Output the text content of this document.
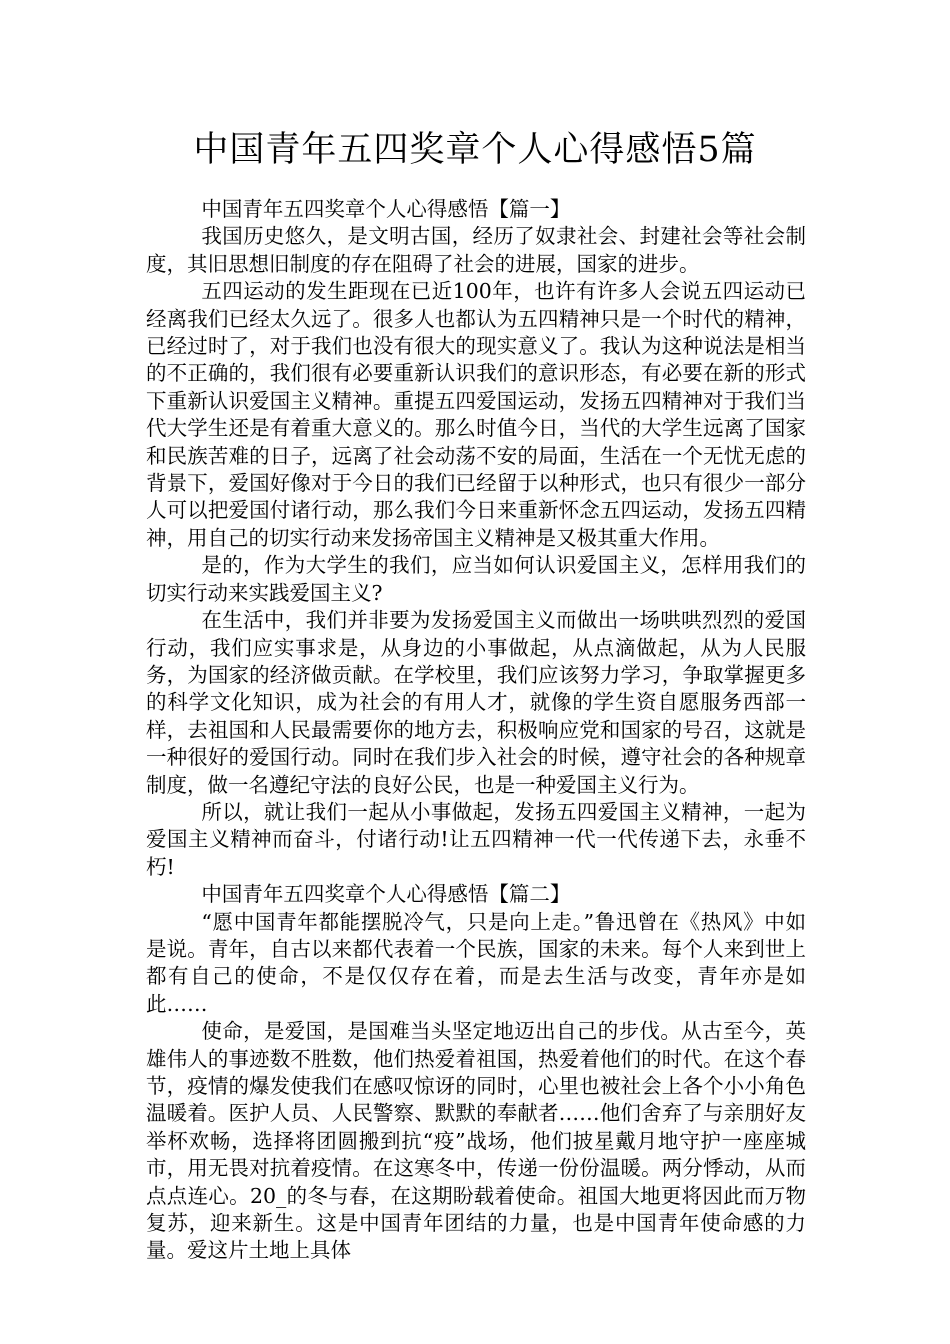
中国青年五四奖章个人心得感悟5篇

中国青年五四奖章个人心得感悟【篇一】

我国历史悠久，是文明古国，经历了奴隶社会、封建社会等社会制度，其旧思想旧制度的存在阻碍了社会的进展，国家的进步。

五四运动的发生距现在已近100年，也许有许多人会说五四运动已经离我们已经太久远了。很多人也都认为五四精神只是一个时代的精神，已经过时了，对于我们也没有很大的现实意义了。我认为这种说法是相当的不正确的，我们很有必要重新认识我们的意识形态，有必要在新的形式下重新认识爱国主义精神。重提五四爱国运动，发扬五四精神对于我们当代大学生还是有着重大意义的。那么时值今日，当代的大学生远离了国家和民族苦难的日子，远离了社会动荡不安的局面，生活在一个无忧无虑的背景下，爱国好像对于今日的我们已经留于以种形式，也只有很少一部分人可以把爱国付诸行动，那么我们今日来重新怀念五四运动，发扬五四精神，用自己的切实行动来发扬帝国主义精神是又极其重大作用。

是的，作为大学生的我们，应当如何认识爱国主义，怎样用我们的切实行动来实践爱国主义?

在生活中，我们并非要为发扬爱国主义而做出一场哄哄烈烈的爱国行动，我们应实事求是，从身边的小事做起，从点滴做起，从为人民服务，为国家的经济做贡献。在学校里，我们应该努力学习，争取掌握更多的科学文化知识，成为社会的有用人才，就像的学生资自愿服务西部一样，去祖国和人民最需要你的地方去，积极响应党和国家的号召，这就是一种很好的爱国行动。同时在我们步入社会的时候，遵守社会的各种规章制度，做一名遵纪守法的良好公民，也是一种爱国主义行为。

所以，就让我们一起从小事做起，发扬五四爱国主义精神，一起为爱国主义精神而奋斗，付诸行动!让五四精神一代一代传递下去，永垂不朽!

中国青年五四奖章个人心得感悟【篇二】

“愿中国青年都能摆脱冷气，只是向上走。”鲁迅曾在《热风》中如是说。青年，自古以来都代表着一个民族，国家的未来。每个人来到世上都有自己的使命，不是仅仅存在着，而是去生活与改变，青年亦是如此……

使命，是爱国，是国难当头坚定地迈出自己的步伐。从古至今，英雄伟人的事迹数不胜数，他们热爱着祖国，热爱着他们的时代。在这个春节，疫情的爆发使我们在感叹惊讶的同时，心里也被社会上各个小小角色温暖着。医护人员、人民警察、默默的奉献者……他们舍弃了与亲朋好友举杯欢畅，选择将团圆搬到抗“疫”战场，他们披星戴月地守护一座座城市，用无畏对抗着疫情。在这寒冬中，传递一份份温暖。两分悸动，从而点点连心。20_的冬与春，在这期盼载着使命。祖国大地更将因此而万物复苏，迎来新生。这是中国青年团结的力量，也是中国青年使命感的力量。爱这片土地上具体
